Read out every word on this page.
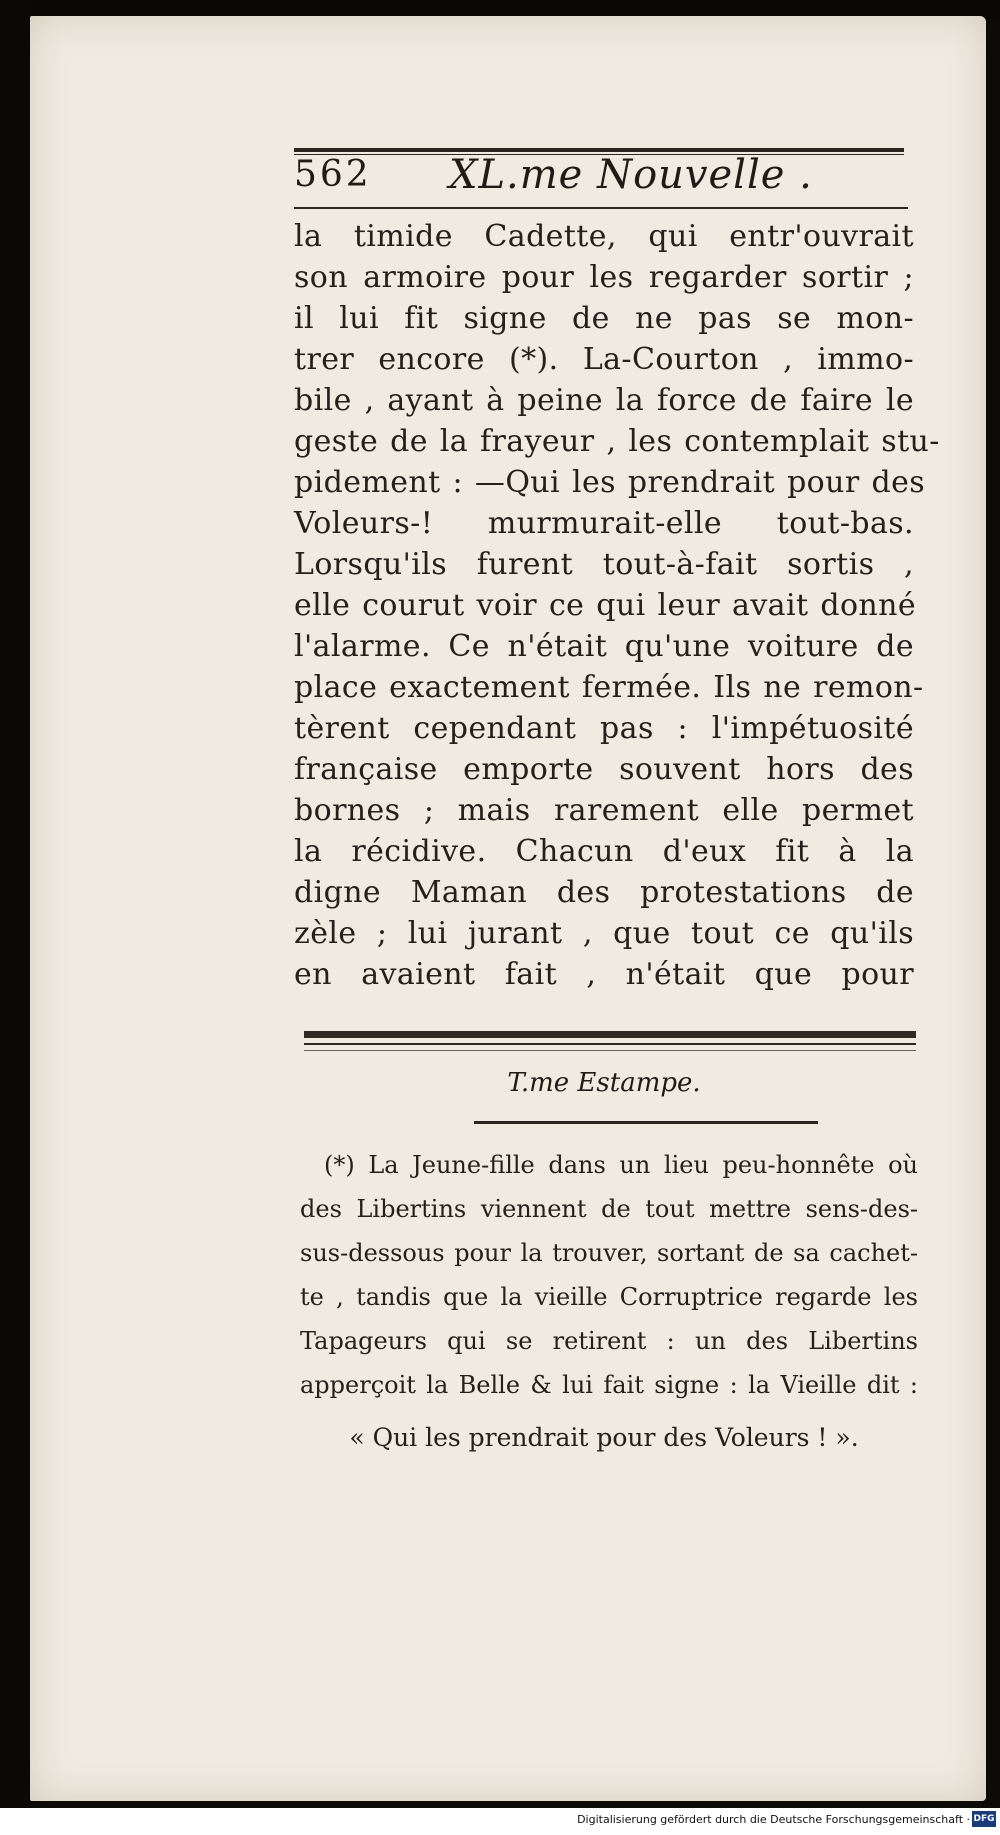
562 XL.me Nouvelle .
la timide Cadette, qui entr'ouvrait
son armoire pour les regarder sortir ;
il lui fit signe de ne pas se mon-
trer encore (*). La-Courton , immo-
bile , ayant à peine la force de faire le
geste de la frayeur , les contemplait stu-
pidement : —Qui les prendrait pour des
Voleurs-! murmurait-elle tout-bas.
Lorsqu'ils furent tout-à-fait sortis ,
elle courut voir ce qui leur avait donné
l'alarme. Ce n'était qu'une voiture de
place exactement fermée. Ils ne remon-
tèrent cependant pas : l'impétuosité
française emporte souvent hors des
bornes ; mais rarement elle permet
la récidive. Chacun d'eux fit à la
digne Maman des protestations de
zèle ; lui jurant , que tout ce qu'ils
en avaient fait , n'était que pour
T.me Estampe.
(*) La Jeune-fille dans un lieu peu-honnête où
des Libertins viennent de tout mettre sens-des-
sus-dessous pour la trouver, sortant de sa cachet-
te , tandis que la vieille Corruptrice regarde les
Tapageurs qui se retirent : un des Libertins
apperçoit la Belle & lui fait signe : la Vieille dit :
« Qui les prendrait pour des Voleurs ! ».
Digitalisierung gefördert durch die Deutsche Forschungsgemeinschaft · DFG
